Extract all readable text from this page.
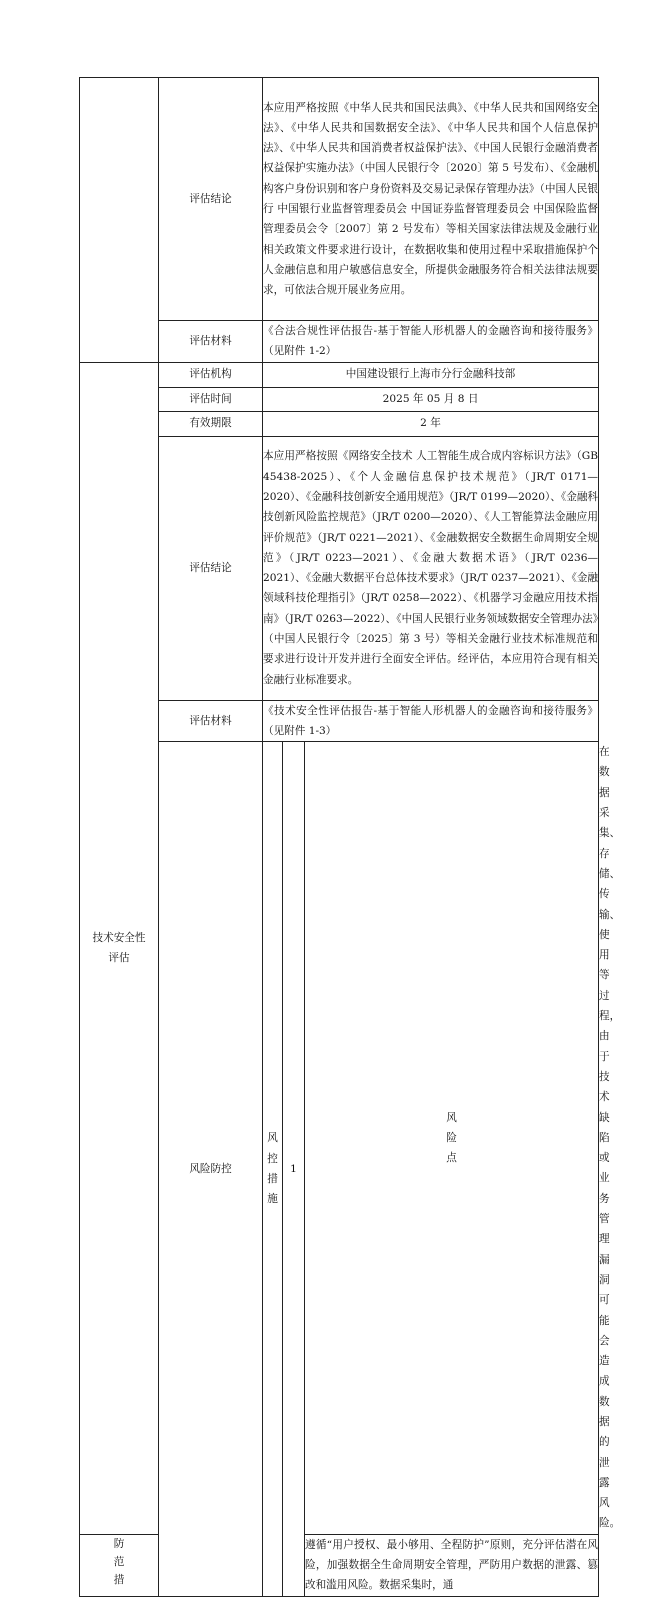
	评估结论	本应用严格按照《中华人民共和国民法典》、《中华人民共和国网络安全法》、《中华人民共和国数据安全法》、《中华人民共和国个人信息保护法》、《中华人民共和国消费者权益保护法》、《中国人民银行金融消费者权益保护实施办法》（中国人民银行令〔2020〕第 5 号发布）、《金融机构客户身份识别和客户身份资料及交易记录保存管理办法》（中国人民银行 中国银行业监督管理委员会 中国证券监督管理委员会 中国保险监督管理委员会令〔2007〕第 2 号发布）等相关国家法律法规及金融行业相关政策文件要求进行设计，在数据收集和使用过程中采取措施保护个人金融信息和用户敏感信息安全，所提供金融服务符合相关法律法规要求，可依法合规开展业务应用。			
	评估材料	《合法合规性评估报告-基于智能人形机器人的金融咨询和接待服务》（见附件 1-2）			
技术安全性评估	评估机构	中国建设银行上海市分行金融科技部			
	评估时间	2025 年 05 月 8 日			
	有效期限	2 年			
	评估结论	本应用严格按照《网络安全技术 人工智能生成合成内容标识方法》（GB 45438-2025）、《个人金融信息保护技术规范》（JR/T 0171—2020）、《金融科技创新安全通用规范》（JR/T 0199—2020）、《金融科技创新风险监控规范》（JR/T 0200—2020）、《人工智能算法金融应用评价规范》（JR/T 0221—2021）、《金融数据安全数据生命周期安全规范》（JR/T 0223—2021）、《金融大数据术语》（JR/T 0236—2021）、《金融大数据平台总体技术要求》（JR/T 0237—2021）、《金融领域科技伦理指引》（JR/T 0258—2022）、《机器学习金融应用技术指南》（JR/T 0263—2022）、《中国人民银行业务领域数据安全管理办法》（中国人民银行令〔2025〕第 3 号）等相关金融行业技术标准规范和要求进行设计开发并进行全面安全评估。经评估，本应用符合现有相关金融行业标准要求。			
	评估材料	《技术安全性评估报告-基于智能人形机器人的金融咨询和接待服务》（见附件 1-3）			
	风险防控	风控措施	1	风险点	在数据采集、存储、传输、使用等过程，由于技术缺陷或业务管理漏洞可能会造成数据的泄露风险。
防范措				遵循“用户授权、最小够用、全程防护”原则，充分评估潜在风险，加强数据全生命周期安全管理，严防用户数据的泄露、篡改和滥用风险。数据采集时，通	
